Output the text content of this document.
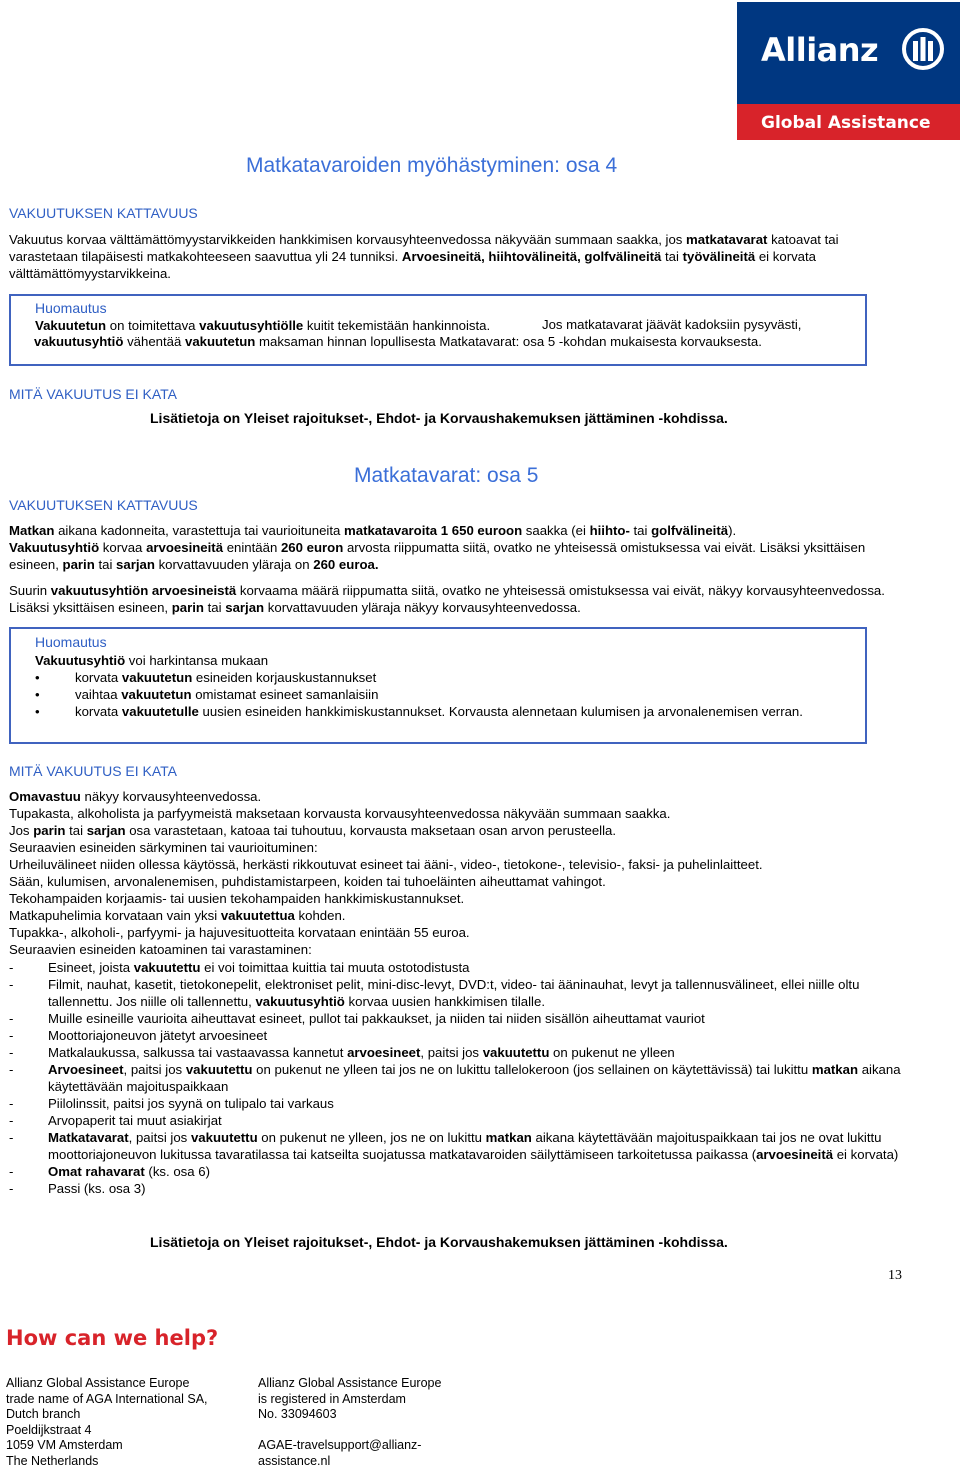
Allianz
Global Assistance
Matkatavaroiden myöhästyminen: osa 4
VAKUUTUKSEN KATTAVUUS
Vakuutus korvaa välttämättömyystarvikkeiden hankkimisen korvausyhteenvedossa näkyvään summaan saakka, jos matkatavarat katoavat tai varastetaan tilapäisesti matkakohteeseen saavuttua yli 24 tunniksi. Arvoesineitä, hiihtovälineitä, golfvälineitä tai työvälineitä ei korvata välttämättömyystarvikkeina.
Huomautus
Vakuutetun on toimitettava vakuutusyhtiölle kuitit tekemistään hankinnoista.	Jos matkatavarat jäävät kadoksiin pysyvästi, vakuutusyhtiö vähentää vakuutetun maksaman hinnan lopullisesta Matkatavarat: osa 5 -kohdan mukaisesta korvauksesta.
MITÄ VAKUUTUS EI KATA
Lisätietoja on Yleiset rajoitukset-, Ehdot- ja Korvaushakemuksen jättäminen -kohdissa.
Matkatavarat: osa 5
VAKUUTUKSEN KATTAVUUS
Matkan aikana kadonneita, varastettuja tai vaurioituneita matkatavaroita 1 650 euroon saakka (ei hiihto- tai golfvälineitä).
Vakuutusyhtiö korvaa arvoesineitä enintään 260 euron arvosta riippumatta siitä, ovatko ne yhteisessä omistuksessa vai eivät. Lisäksi yksittäisen esineen, parin tai sarjan korvattavuuden yläraja on 260 euroa.
Suurin vakuutusyhtiön arvoesineistä korvaama määrä riippumatta siitä, ovatko ne yhteisessä omistuksessa vai eivät, näkyy korvausyhteenvedossa. Lisäksi yksittäisen esineen, parin tai sarjan korvattavuuden yläraja näkyy korvausyhteenvedossa.
Huomautus
Vakuutusyhtiö voi harkintansa mukaan
• korvata vakuutetun esineiden korjauskustannukset
• vaihtaa vakuutetun omistamat esineet samanlaisiin
• korvata vakuutetulle uusien esineiden hankkimiskustannukset. Korvausta alennetaan kulumisen ja arvonalenemisen verran.
MITÄ VAKUUTUS EI KATA
Omavastuu näkyy korvausyhteenvedossa.
Tupakasta, alkoholista ja parfyymeistä maksetaan korvausta korvausyhteenvedossa näkyvään summaan saakka.
Jos parin tai sarjan osa varastetaan, katoaa tai tuhoutuu, korvausta maksetaan osan arvon perusteella.
Seuraavien esineiden särkyminen tai vaurioituminen:
Urheiluvälineet niiden ollessa käytössä, herkästi rikkoutuvat esineet tai ääni-, video-, tietokone-, televisio-, faksi- ja puhelinlaitteet.
Sään, kulumisen, arvonalenemisen, puhdistamistarpeen, koiden tai tuhoeläinten aiheuttamat vahingot.
Tekohampaiden korjaamis- tai uusien tekohampaiden hankkimiskustannukset.
Matkapuhelimia korvataan vain yksi vakuutettua kohden.
Tupakka-, alkoholi-, parfyymi- ja hajuvesituotteita korvataan enintään 55 euroa.
Seuraavien esineiden katoaminen tai varastaminen:
- Esineet, joista vakuutettu ei voi toimittaa kuittia tai muuta ostotodistusta
- Filmit, nauhat, kasetit, tietokonepelit, elektroniset pelit, mini-disc-levyt, DVD:t, video- tai ääninauhat, levyt ja tallennusvälineet, ellei niille oltu tallennettu. Jos niille oli tallennettu, vakuutusyhtiö korvaa uusien hankkimisen tilalle.
- Muille esineille vaurioita aiheuttavat esineet, pullot tai pakkaukset, ja niiden tai niiden sisällön aiheuttamat vauriot
- Moottoriajoneuvon jätetyt arvoesineet
- Matkalaukussa, salkussa tai vastaavassa kannetut arvoesineet, paitsi jos vakuutettu on pukenut ne ylleen
- Arvoesineet, paitsi jos vakuutettu on pukenut ne ylleen tai jos ne on lukittu tallelokeroon (jos sellainen on käytettävissä) tai lukittu matkan aikana käytettävään majoituspaikkaan
- Piilolinssit, paitsi jos syynä on tulipalo tai varkaus
- Arvopaperit tai muut asiakirjat
- Matkatavarat, paitsi jos vakuutettu on pukenut ne ylleen, jos ne on lukittu matkan aikana käytettävään majoituspaikkaan tai jos ne ovat lukittu moottoriajoneuvon lukitussa tavaratilassa tai katseilta suojatussa matkatavaroiden säilyttämiseen tarkoitetussa paikassa (arvoesineitä ei korvata)
- Omat rahavarat (ks. osa 6)
- Passi (ks. osa 3)
Lisätietoja on Yleiset rajoitukset-, Ehdot- ja Korvaushakemuksen jättäminen -kohdissa.
13
How can we help?
Allianz Global Assistance Europe
trade name of AGA International SA,
Dutch branch
Poeldijkstraat 4
1059 VM Amsterdam
The Netherlands
Allianz Global Assistance Europe
is registered in Amsterdam
No. 33094603

AGAE-travelsupport@allianz-
assistance.nl
